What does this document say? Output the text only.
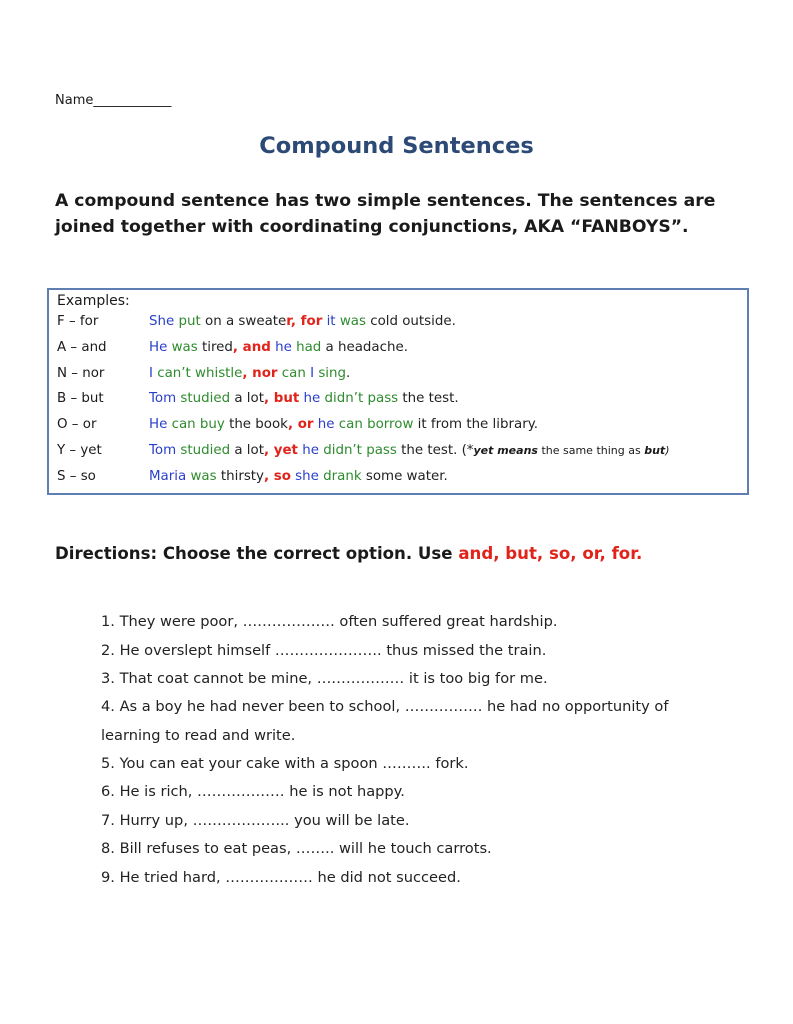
Name____________
Compound Sentences
A compound sentence has two simple sentences. The sentences are joined together with coordinating conjunctions, AKA “FANBOYS”.
Examples:
F – for	She put on a sweater, for it was cold outside.
A – and	He was tired, and he had a headache.
N – nor	I can’t whistle, nor can I sing.
B – but	Tom studied a lot, but he didn’t pass the test.
O – or	He can buy the book, or he can borrow it from the library.
Y – yet	Tom studied a lot, yet he didn’t pass the test. (*yet means the same thing as but)
S – so	Maria was thirsty, so she drank some water.
Directions: Choose the correct option. Use and, but, so, or, for.
1. They were poor, ………………. often suffered great hardship.
2. He overslept himself …………………. thus missed the train.
3. That coat cannot be mine, ……………… it is too big for me.
4. As a boy he had never been to school, ……………. he had no opportunity of learning to read and write.
5. You can eat your cake with a spoon ………. fork.
6. He is rich, ……………… he is not happy.
7. Hurry up, ……………….. you will be late.
8. Bill refuses to eat peas, …….. will he touch carrots.
9. He tried hard, ……………… he did not succeed.
